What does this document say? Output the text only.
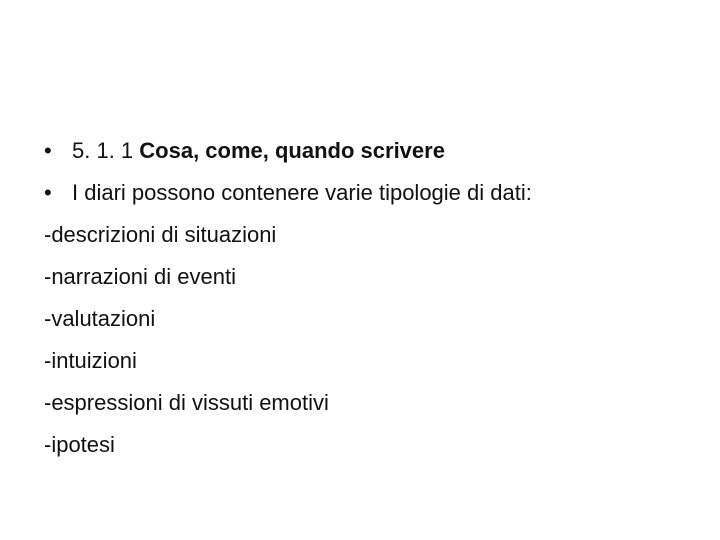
• 5. 1. 1 Cosa, come, quando scrivere
• I diari possono contenere varie tipologie di dati:
-descrizioni di situazioni
-narrazioni di eventi
-valutazioni
-intuizioni
-espressioni di vissuti emotivi
-ipotesi
